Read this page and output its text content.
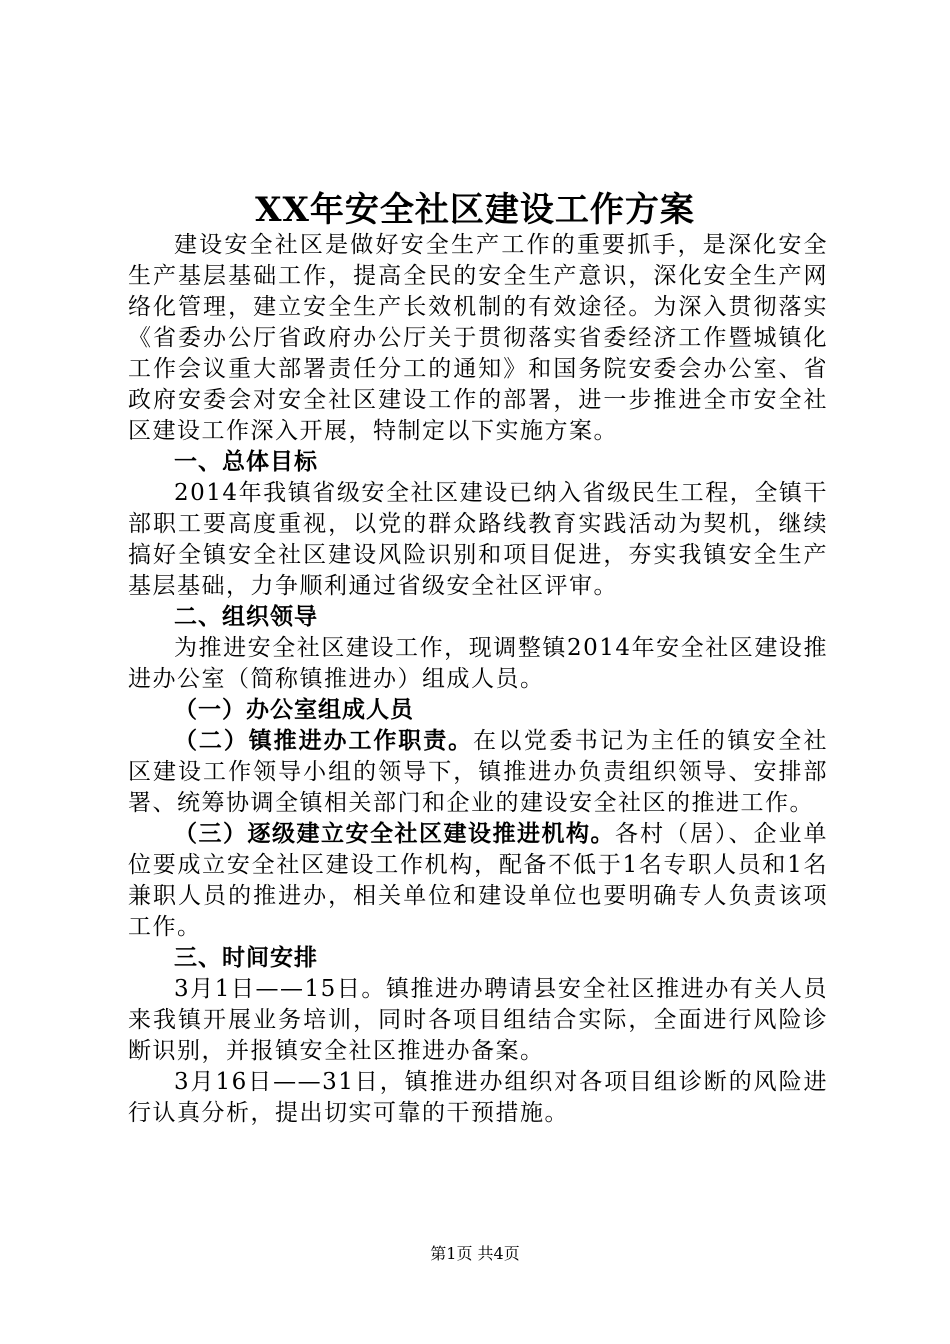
XX年安全社区建设工作方案

建设安全社区是做好安全生产工作的重要抓手，是深化安全生产基层基础工作，提高全民的安全生产意识，深化安全生产网络化管理，建立安全生产长效机制的有效途径。为深入贯彻落实《省委办公厅省政府办公厅关于贯彻落实省委经济工作暨城镇化工作会议重大部署责任分工的通知》和国务院安委会办公室、省政府安委会对安全社区建设工作的部署，进一步推进全市安全社区建设工作深入开展，特制定以下实施方案。

一、总体目标

2014年我镇省级安全社区建设已纳入省级民生工程，全镇干部职工要高度重视，以党的群众路线教育实践活动为契机，继续搞好全镇安全社区建设风险识别和项目促进，夯实我镇安全生产基层基础，力争顺利通过省级安全社区评审。

二、组织领导

为推进安全社区建设工作，现调整镇2014年安全社区建设推进办公室（简称镇推进办）组成人员。

（一）办公室组成人员

（二）镇推进办工作职责。在以党委书记为主任的镇安全社区建设工作领导小组的领导下，镇推进办负责组织领导、安排部署、统筹协调全镇相关部门和企业的建设安全社区的推进工作。

（三）逐级建立安全社区建设推进机构。各村（居）、企业单位要成立安全社区建设工作机构，配备不低于1名专职人员和1名兼职人员的推进办，相关单位和建设单位也要明确专人负责该项工作。

三、时间安排

3月1日——15日。镇推进办聘请县安全社区推进办有关人员来我镇开展业务培训，同时各项目组结合实际，全面进行风险诊断识别，并报镇安全社区推进办备案。

3月16日——31日，镇推进办组织对各项目组诊断的风险进行认真分析，提出切实可靠的干预措施。

第1页 共4页
